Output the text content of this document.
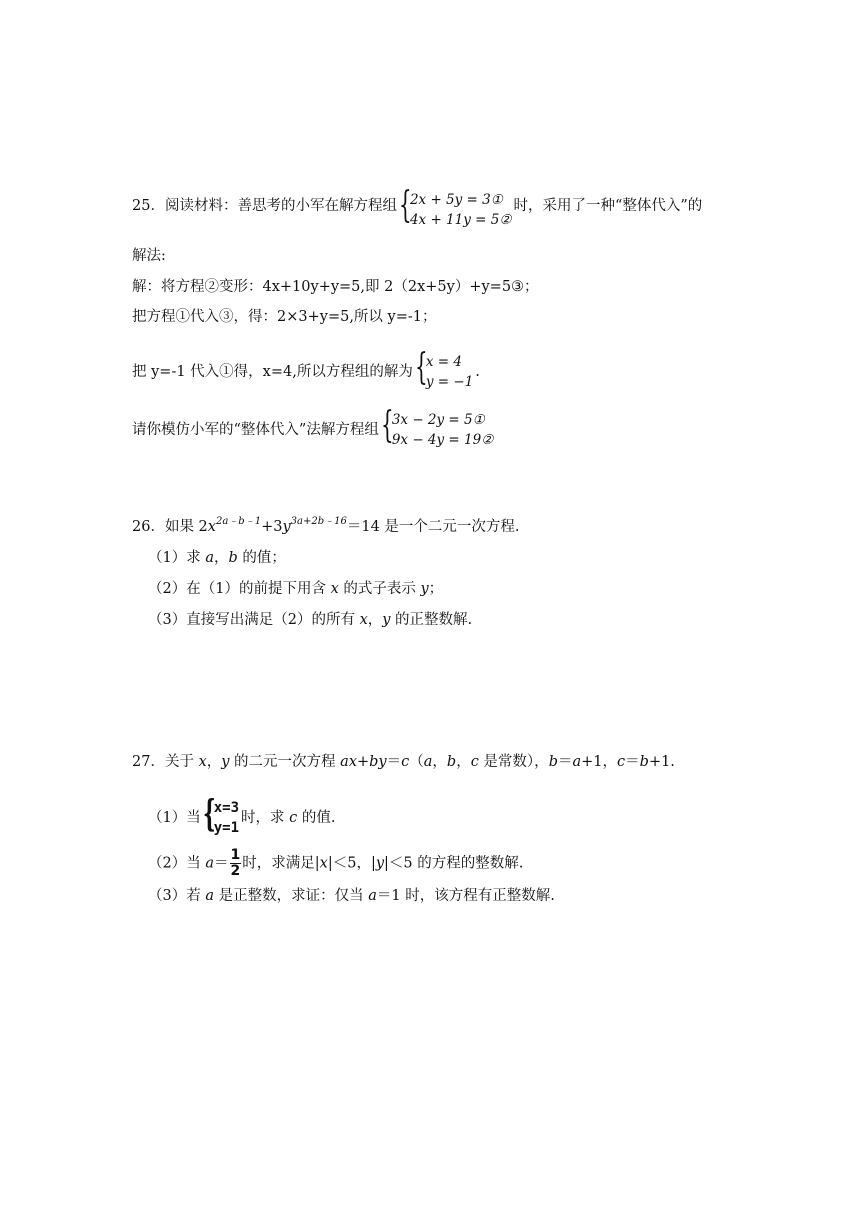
25．阅读材料：善思考的小军在解方程组 {
2x + 5y = 3①
4x + 11y = 5②
时，采用了一种“整体代入”的
解法:
解：将方程②变形：4x+10y+y=5,即 2（2x+5y）+y=5③；
把方程①代入③，得：2×3+y=5,所以 y=-1；
把 y=-1 代入①得，x=4,所以方程组的解为 {
x = 4
y = −1
.
请你模仿小军的“整体代入”法解方程组 {
3x − 2y = 5①
9x − 4y = 19②
26．如果 $2x^{2a﹣b﹣1}+3y^{3a+2b﹣16}=14$ 是一个二元一次方程.
（1）求 a，b 的值；
（2）在（1）的前提下用含 x 的式子表示 y；
（3）直接写出满足（2）的所有 x，y 的正整数解.
27．关于 x，y 的二元一次方程 ax+by＝c（a，b，c 是常数），b＝a+1，c＝b+1.
（1）当 {
x=3
y=1
时，求 c 的值.
（2）当 $a= \frac{1}{2}$ 时，求满足|x|＜5，|y|＜5 的方程的整数解.
（3）若 a 是正整数，求证：仅当 a＝1 时，该方程有正整数解.
